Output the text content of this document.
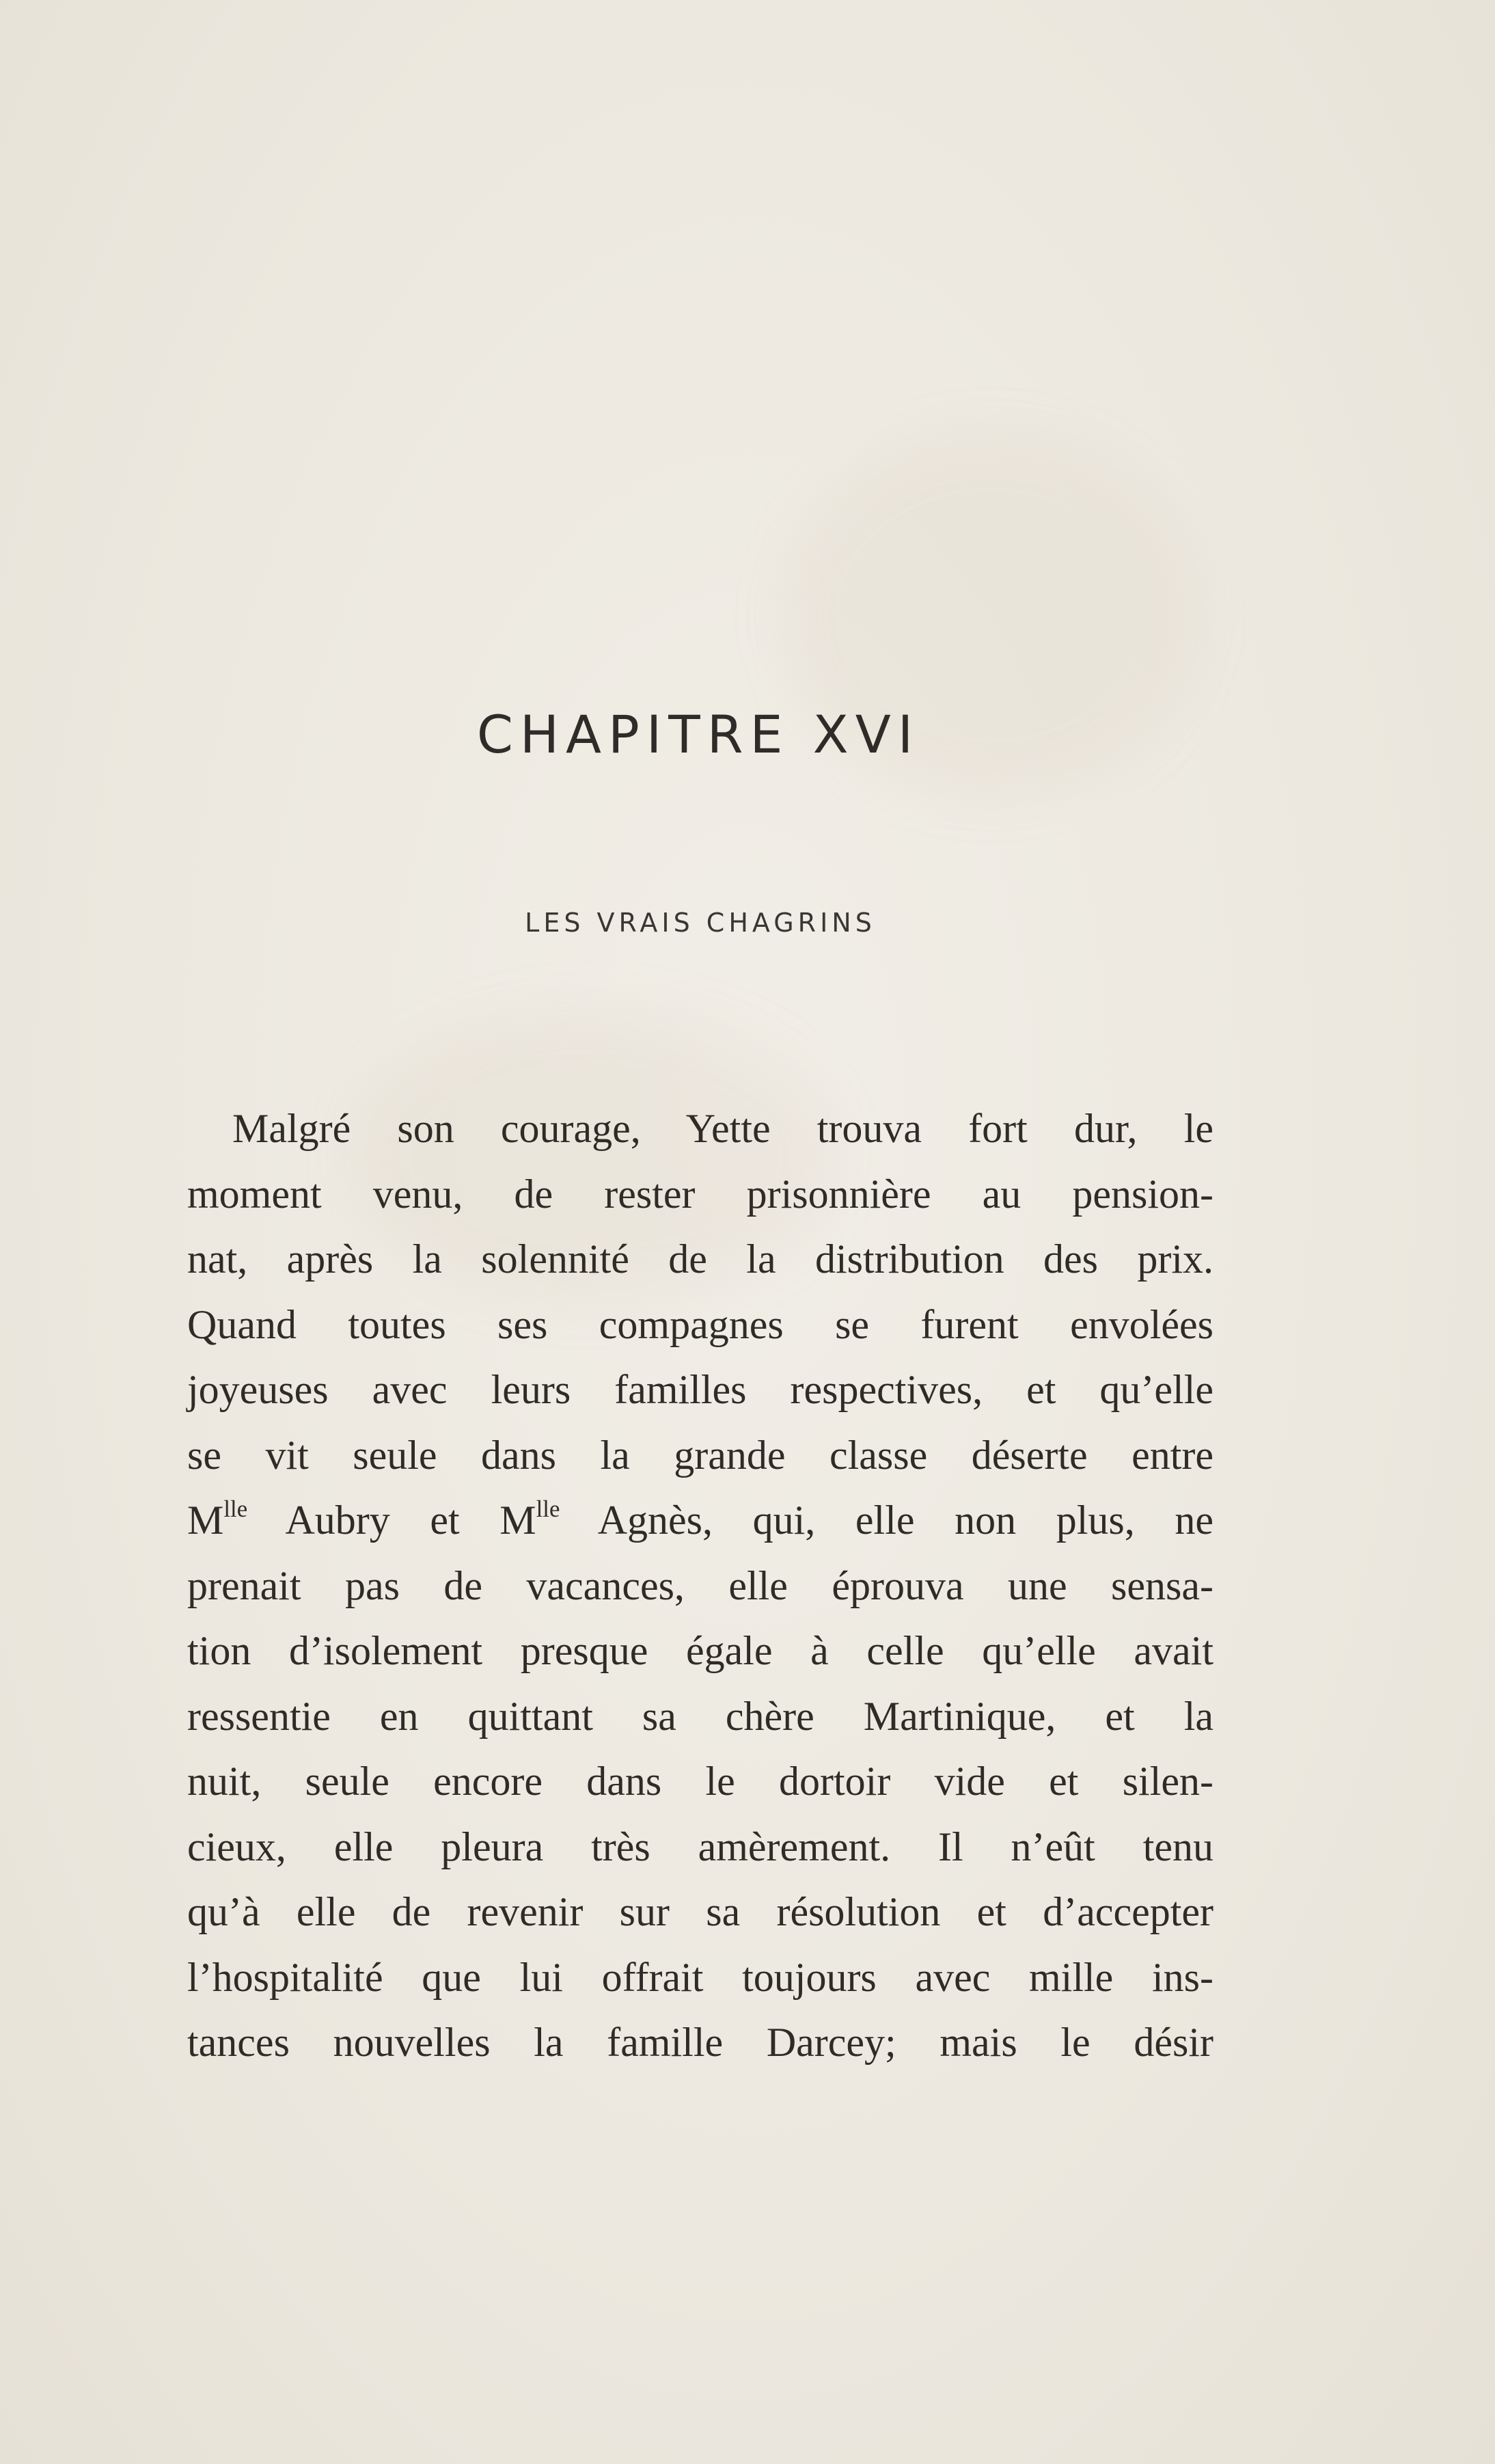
CHAPITRE XVI
LES VRAIS CHAGRINS
Malgré son courage, Yette trouva fort dur, le
moment venu, de rester prisonnière au pension-
nat, après la solennité de la distribution des prix.
Quand toutes ses compagnes se furent envolées
joyeuses avec leurs familles respectives, et qu’elle
se vit seule dans la grande classe déserte entre
$M^{lle}$ Aubry et $M^{lle}$ Agnès, qui, elle non plus, ne
prenait pas de vacances, elle éprouva une sensa-
tion d’isolement presque égale à celle qu’elle avait
ressentie en quittant sa chère Martinique, et la
nuit, seule encore dans le dortoir vide et silen-
cieux, elle pleura très amèrement. Il n’eût tenu
qu’à elle de revenir sur sa résolution et d’accepter
l’hospitalité que lui offrait toujours avec mille ins-
tances nouvelles la famille Darcey; mais le désir
